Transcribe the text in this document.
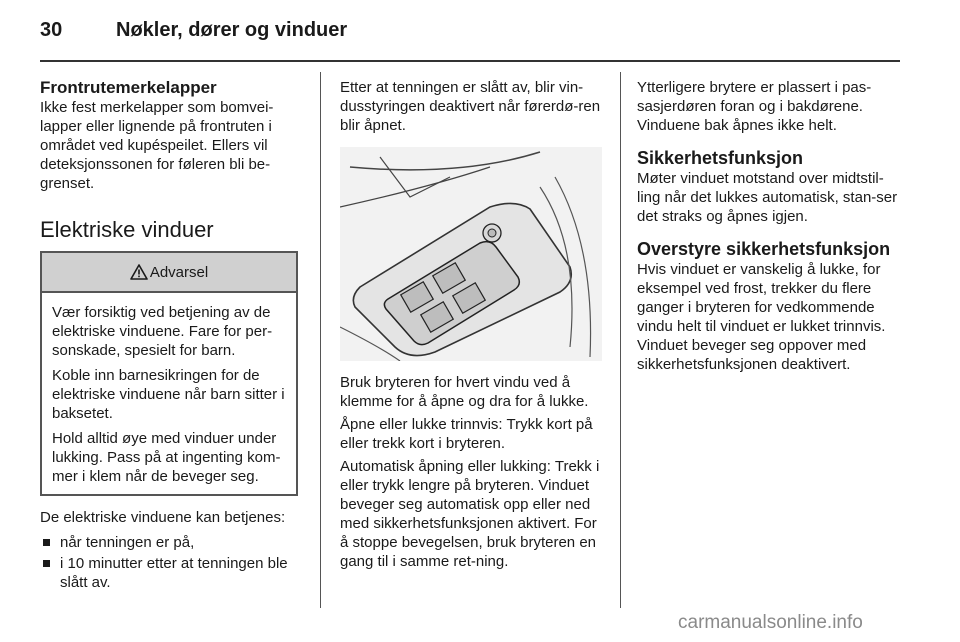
30	Nøkler, dører og vinduer
Frontrutemerkelapper

Ikke fest merkelapper som bomvei-lapper eller lignende på frontruten i området ved kupéspeilet. Ellers vil deteksjonssonen for føleren bli be-grenset.

Elektriske vinduer
Advarsel

Vær forsiktig ved betjening av de elektriske vinduene. Fare for per-sonskade, spesielt for barn.

Koble inn barnesikringen for de elektriske vinduene når barn sitter i baksetet.

Hold alltid øye med vinduer under lukking. Pass på at ingenting kom-mer i klem når de beveger seg.

De elektriske vinduene kan betjenes:

når tenningen er på,
i 10 minutter etter at tenningen ble slått av.

Etter at tenningen er slått av, blir vin-dusstyringen deaktivert når førerdø-ren blir åpnet.

Bruk bryteren for hvert vindu ved å klemme for å åpne og dra for å lukke.

Åpne eller lukke trinnvis: Trykk kort på eller trekk kort i bryteren.

Automatisk åpning eller lukking: Trekk i eller trykk lengre på bryteren. Vinduet beveger seg automatisk opp eller ned med sikkerhetsfunksjonen aktivert. For å stoppe bevegelsen, bruk bryteren en gang til i samme ret-ning.

Ytterligere brytere er plassert i pas-sasjerdøren foran og i bakdørene. Vinduene bak åpnes ikke helt.

Sikkerhetsfunksjon

Møter vinduet motstand over midtstil-ling når det lukkes automatisk, stan-ser det straks og åpnes igjen.

Overstyre sikkerhetsfunksjon

Hvis vinduet er vanskelig å lukke, for eksempel ved frost, trekker du flere ganger i bryteren for vedkommende vindu helt til vinduet er lukket trinnvis. Vinduet beveger seg oppover med sikkerhetsfunksjonen deaktivert.

carmanualsonline.info
